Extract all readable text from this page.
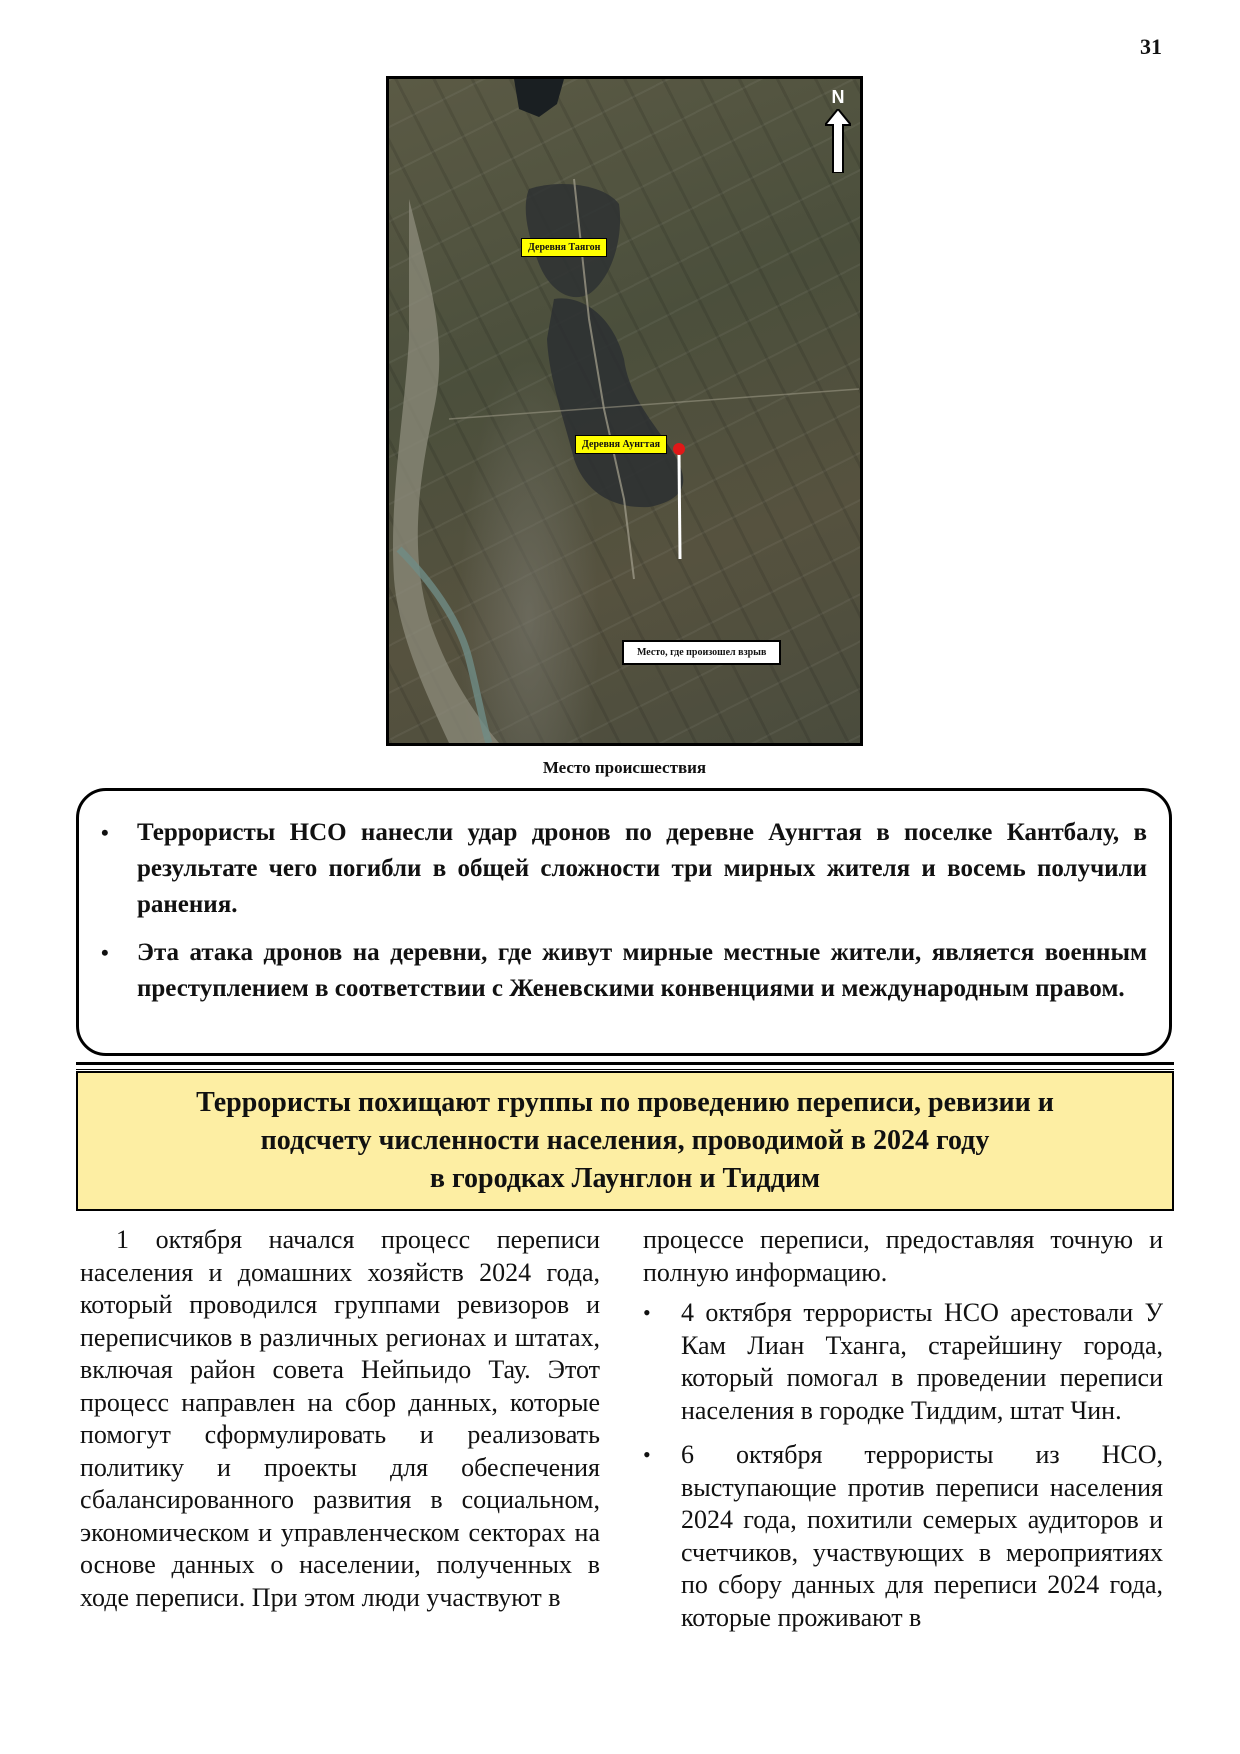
31
Деревня Таягон
Деревня Аунгтая
Место, где произошел взрыв
N
Место происшествия
• Террористы НСО нанесли удар дронов по деревне Аунгтая в поселке Кантбалу, в результате чего погибли в общей сложности три мирных жителя и восемь получили ранения.
• Эта атака дронов на деревни, где живут мирные местные жители, является военным преступлением в соответствии с Женевскими конвенциями и международным правом.
Террористы похищают группы по проведению переписи, ревизии и
подсчету численности населения, проводимой в 2024 году
в городках Лаунглон и Тиддим

1 октября начался процесс переписи населения и домашних хозяйств 2024 года, который проводился группами ревизоров и переписчиков в различных регионах и штатах, включая район совета Нейпьидо Тау. Этот процесс направлен на сбор данных, которые помогут сформулировать и реализовать политику и проекты для обеспечения сбалансированного развития в социальном, экономическом и управленческом секторах на основе данных о населении, полученных в ходе переписи. При этом люди участвуют в

процессе переписи, предоставляя точную и полную информацию.

• 4 октября террористы НСО арестовали У Кам Лиан Тханга, старейшину города, который помогал в проведении переписи населения в городке Тиддим, штат Чин.
• 6 октября террористы из НСО, выступающие против переписи населения 2024 года, похитили семерых аудиторов и счетчиков, участвующих в мероприятиях по сбору данных для переписи 2024 года, которые проживают в
